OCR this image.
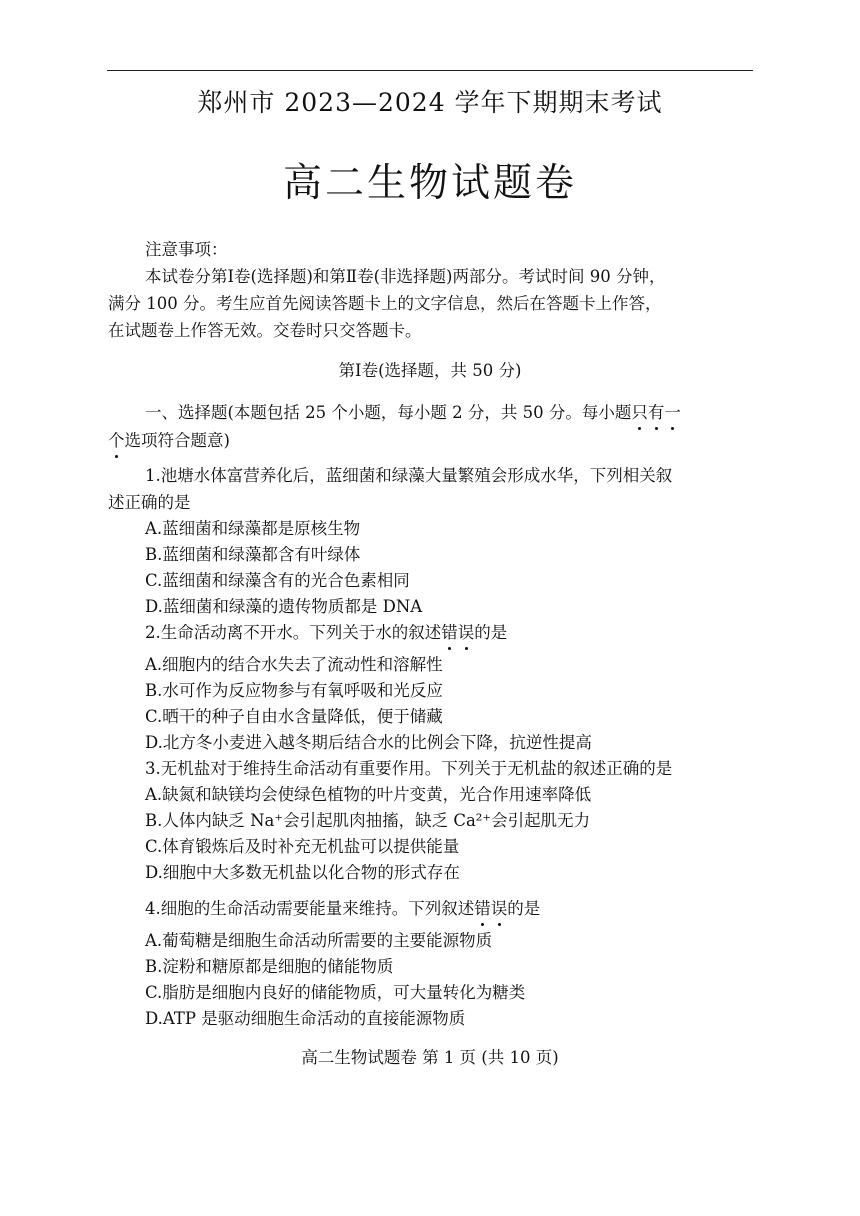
郑州市 2023—2024 学年下期期末考试
高二生物试题卷
注意事项：
本试卷分第Ⅰ卷(选择题)和第Ⅱ卷(非选择题)两部分。考试时间 90 分钟，
满分 100 分。考生应首先阅读答题卡上的文字信息，然后在答题卡上作答，
在试题卷上作答无效。交卷时只交答题卡。
第Ⅰ卷(选择题，共 50 分)
一、选择题(本题包括 25 个小题，每小题 2 分，共 50 分。每小题只有一
个选项符合题意)
1.池塘水体富营养化后，蓝细菌和绿藻大量繁殖会形成水华，下列相关叙
述正确的是
A.蓝细菌和绿藻都是原核生物
B.蓝细菌和绿藻都含有叶绿体
C.蓝细菌和绿藻含有的光合色素相同
D.蓝细菌和绿藻的遗传物质都是 DNA
2.生命活动离不开水。下列关于水的叙述错误的是
A.细胞内的结合水失去了流动性和溶解性
B.水可作为反应物参与有氧呼吸和光反应
C.晒干的种子自由水含量降低，便于储藏
D.北方冬小麦进入越冬期后结合水的比例会下降，抗逆性提高
3.无机盐对于维持生命活动有重要作用。下列关于无机盐的叙述正确的是
A.缺氮和缺镁均会使绿色植物的叶片变黄，光合作用速率降低
B.人体内缺乏 Na⁺会引起肌肉抽搐，缺乏 Ca²⁺会引起肌无力
C.体育锻炼后及时补充无机盐可以提供能量
D.细胞中大多数无机盐以化合物的形式存在
4.细胞的生命活动需要能量来维持。下列叙述错误的是
A.葡萄糖是细胞生命活动所需要的主要能源物质
B.淀粉和糖原都是细胞的储能物质
C.脂肪是细胞内良好的储能物质，可大量转化为糖类
D.ATP 是驱动细胞生命活动的直接能源物质
高二生物试题卷 第 1 页 (共 10 页)
